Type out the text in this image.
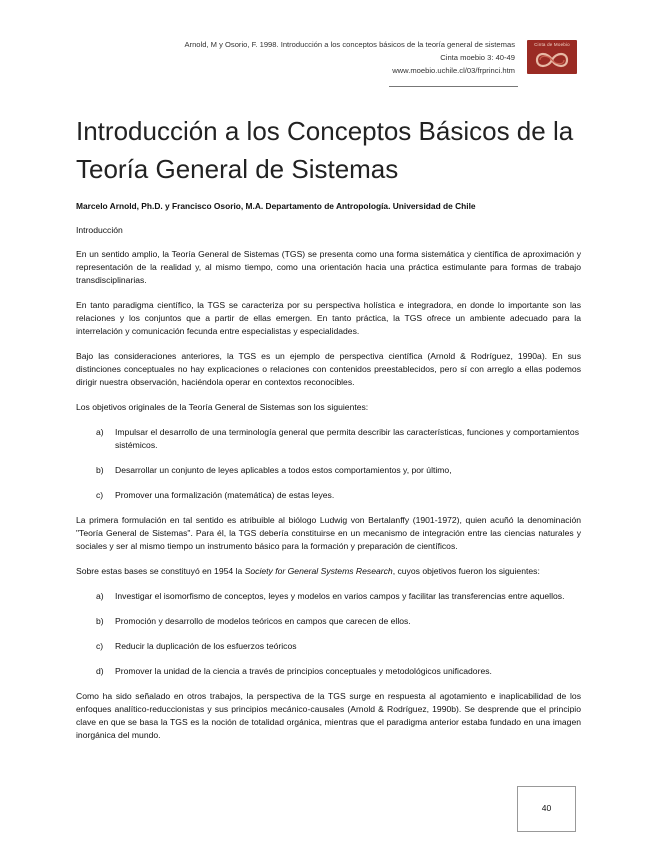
Arnold, M y Osorio, F. 1998. Introducción a los conceptos básicos de la teoría general de sistemas
Cinta moebio 3: 40-49
www.moebio.uchile.cl/03/frprinci.htm
Cinta de Moebio
Introducción a los Conceptos Básicos de la Teoría General de Sistemas
Marcelo Arnold, Ph.D. y Francisco Osorio, M.A. Departamento de Antropología. Universidad de Chile
Introducción

En un sentido amplio, la Teoría General de Sistemas (TGS) se presenta como una forma sistemática y científica de aproximación y representación de la realidad y, al mismo tiempo, como una orientación hacia una práctica estimulante para formas de trabajo transdisciplinarias.

En tanto paradigma científico, la TGS se caracteriza por su perspectiva holística e integradora, en donde lo importante son las relaciones y los conjuntos que a partir de ellas emergen. En tanto práctica, la TGS ofrece un ambiente adecuado para la interrelación y comunicación fecunda entre especialistas y especialidades.

Bajo las consideraciones anteriores, la TGS es un ejemplo de perspectiva científica (Arnold & Rodríguez, 1990a). En sus distinciones conceptuales no hay explicaciones o relaciones con contenidos preestablecidos, pero sí con arreglo a ellas podemos dirigir nuestra observación, haciéndola operar en contextos reconocibles.

Los objetivos originales de la Teoría General de Sistemas son los siguientes:

a)	Impulsar el desarrollo de una terminología general que permita describir las características, funciones y comportamientos sistémicos.
b)	Desarrollar un conjunto de leyes aplicables a todos estos comportamientos y, por último,
c)	Promover una formalización (matemática) de estas leyes.

La primera formulación en tal sentido es atribuible al biólogo Ludwig von Bertalanffy (1901-1972), quien acuñó la denominación "Teoría General de Sistemas". Para él, la TGS debería constituirse en un mecanismo de integración entre las ciencias naturales y sociales y ser al mismo tiempo un instrumento básico para la formación y preparación de científicos.

Sobre estas bases se constituyó en 1954 la Society for General Systems Research, cuyos objetivos fueron los siguientes:

a)	Investigar el isomorfismo de conceptos, leyes y modelos en varios campos y facilitar las transferencias entre aquellos.
b)	Promoción y desarrollo de modelos teóricos en campos que carecen de ellos.
c)	Reducir la duplicación de los esfuerzos teóricos
d)	Promover la unidad de la ciencia a través de principios conceptuales y metodológicos unificadores.

Como ha sido señalado en otros trabajos, la perspectiva de la TGS surge en respuesta al agotamiento e inaplicabilidad de los enfoques analítico-reduccionistas y sus principios mecánico-causales (Arnold & Rodríguez, 1990b). Se desprende que el principio clave en que se basa la TGS es la noción de totalidad orgánica, mientras que el paradigma anterior estaba fundado en una imagen inorgánica del mundo.

40
